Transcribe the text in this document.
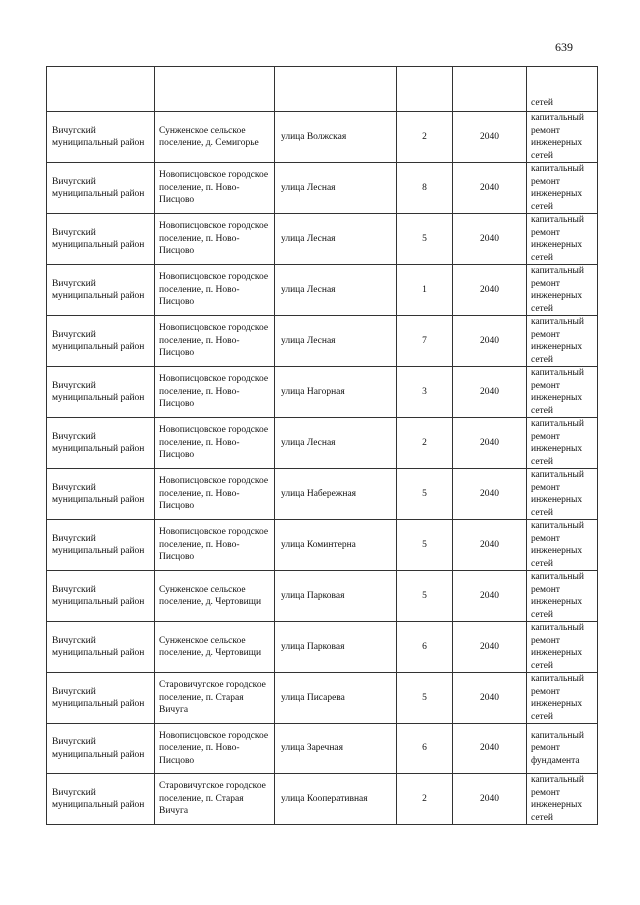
639

					сетей

Вичугский муниципальный район	Сунженское сельское поселение, д. Семигорье	улица Волжская	2	2040	капитальный ремонт инженерных сетей

Вичугский муниципальный район	Новописцовское городское поселение, п. Ново-Писцово	улица Лесная	8	2040	капитальный ремонт инженерных сетей

Вичугский муниципальный район	Новописцовское городское поселение, п. Ново-Писцово	улица Лесная	5	2040	капитальный ремонт инженерных сетей

Вичугский муниципальный район	Новописцовское городское поселение, п. Ново-Писцово	улица Лесная	1	2040	капитальный ремонт инженерных сетей

Вичугский муниципальный район	Новописцовское городское поселение, п. Ново-Писцово	улица Лесная	7	2040	капитальный ремонт инженерных сетей

Вичугский муниципальный район	Новописцовское городское поселение, п. Ново-Писцово	улица Нагорная	3	2040	капитальный ремонт инженерных сетей

Вичугский муниципальный район	Новописцовское городское поселение, п. Ново-Писцово	улица Лесная	2	2040	капитальный ремонт инженерных сетей

Вичугский муниципальный район	Новописцовское городское поселение, п. Ново-Писцово	улица Набережная	5	2040	капитальный ремонт инженерных сетей

Вичугский муниципальный район	Новописцовское городское поселение, п. Ново-Писцово	улица Коминтерна	5	2040	капитальный ремонт инженерных сетей

Вичугский муниципальный район	Сунженское сельское поселение, д. Чертовищи	улица Парковая	5	2040	капитальный ремонт инженерных сетей

Вичугский муниципальный район	Сунженское сельское поселение, д. Чертовищи	улица Парковая	6	2040	капитальный ремонт инженерных сетей

Вичугский муниципальный район	Старовичугское городское поселение, п. Старая Вичуга	улица Писарева	5	2040	капитальный ремонт инженерных сетей

Вичугский муниципальный район	Новописцовское городское поселение, п. Ново-Писцово	улица Заречная	6	2040	капитальный ремонт фундамента

Вичугский муниципальный район	Старовичугское городское поселение, п. Старая Вичуга	улица Кооперативная	2	2040	капитальный ремонт инженерных сетей
